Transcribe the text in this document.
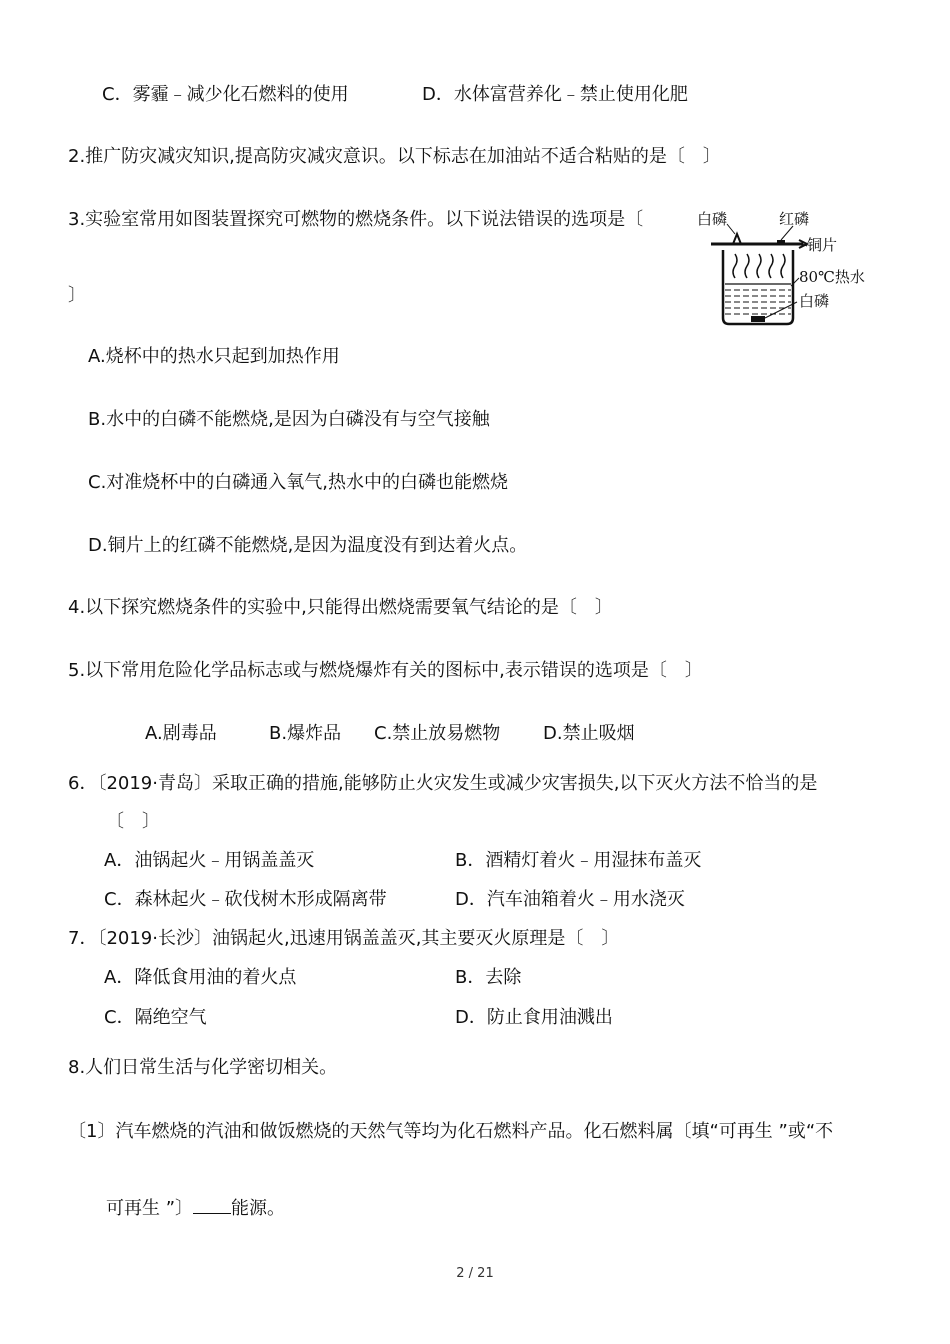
C．雾霾﹣减少化石燃料的使用	D．水体富营养化﹣禁止使用化肥
2.推广防灾减灾知识,提高防灾减灾意识。以下标志在加油站不适合粘贴的是〔　〕
3.实验室常用如图装置探究可燃物的燃烧条件。以下说法错误的选项是〔
〕
白磷	红磷
铜片
80℃热水
白磷
A.烧杯中的热水只起到加热作用
B.水中的白磷不能燃烧,是因为白磷没有与空气接触
C.对准烧杯中的白磷通入氧气,热水中的白磷也能燃烧
D.铜片上的红磷不能燃烧,是因为温度没有到达着火点。
4.以下探究燃烧条件的实验中,只能得出燃烧需要氧气结论的是〔　〕
5.以下常用危险化学品标志或与燃烧爆炸有关的图标中,表示错误的选项是〔　〕
A.剧毒品	B.爆炸品 C.禁止放易燃物 D.禁止吸烟
6．〔2019·青岛〕采取正确的措施,能够防止火灾发生或减少灾害损失,以下灭火方法不恰当的是
〔　〕
A．油锅起火﹣用锅盖盖灭	B．酒精灯着火﹣用湿抹布盖灭
C．森林起火﹣砍伐树木形成隔离带	D．汽车油箱着火﹣用水浇灭
7．〔2019·长沙〕油锅起火,迅速用锅盖盖灭,其主要灭火原理是〔　〕
A．降低食用油的着火点	B．去除
C．隔绝空气	D．防止食用油溅出
8.人们日常生活与化学密切相关。
〔1〕汽车燃烧的汽油和做饭燃烧的天然气等均为化石燃料产品。化石燃料属〔填“可再生 ”或“不
可再生 ”〕 能源。
2 / 21
